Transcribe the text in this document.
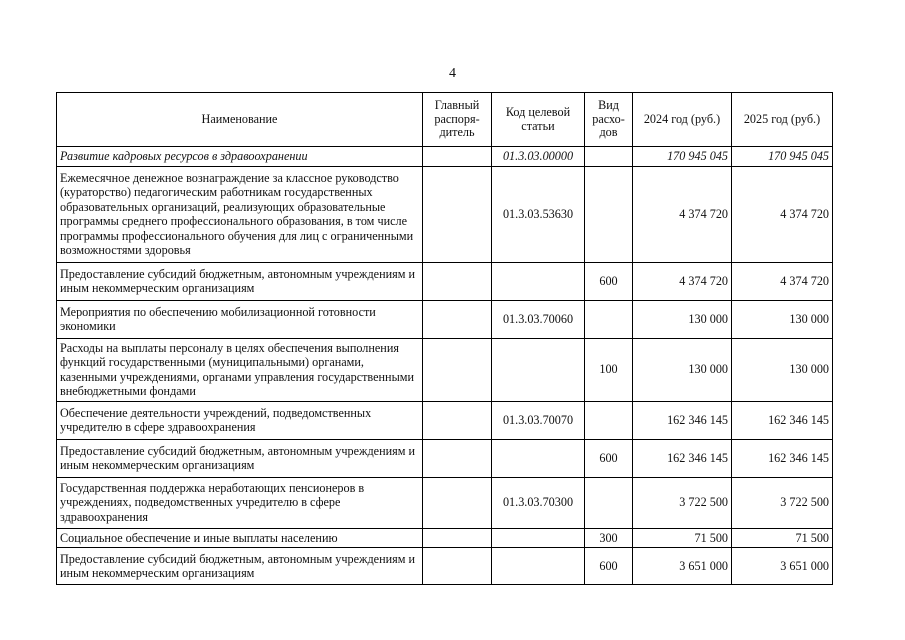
4
Наименование	Главный распоря-дитель	Код целевой статьи	Вид расхо-дов	2024 год (руб.)	2025 год (руб.)
Развитие кадровых ресурсов в здравоохранении		01.3.03.00000		170 945 045	170 945 045
Ежемесячное денежное вознаграждение за классное руководство (кураторство) педагогическим работникам государственных образовательных организаций, реализующих образовательные программы среднего профессионального образования, в том числе программы профессионального обучения для лиц с ограниченными возможностями здоровья		01.3.03.53630		4 374 720	4 374 720
Предоставление субсидий бюджетным, автономным учреждениям и иным некоммерческим организациям			600	4 374 720	4 374 720
Мероприятия по обеспечению мобилизационной готовности экономики		01.3.03.70060		130 000	130 000
Расходы на выплаты персоналу в целях обеспечения выполнения функций государственными (муниципальными) органами, казенными учреждениями, органами управления государственными внебюджетными фондами			100	130 000	130 000
Обеспечение деятельности учреждений, подведомственных учредителю в сфере здравоохранения		01.3.03.70070		162 346 145	162 346 145
Предоставление субсидий бюджетным, автономным учреждениям и иным некоммерческим организациям			600	162 346 145	162 346 145
Государственная поддержка неработающих пенсионеров в учреждениях, подведомственных учредителю в сфере здравоохранения		01.3.03.70300		3 722 500	3 722 500
Социальное обеспечение и иные выплаты населению			300	71 500	71 500
Предоставление субсидий бюджетным, автономным учреждениям и иным некоммерческим организациям			600	3 651 000	3 651 000
